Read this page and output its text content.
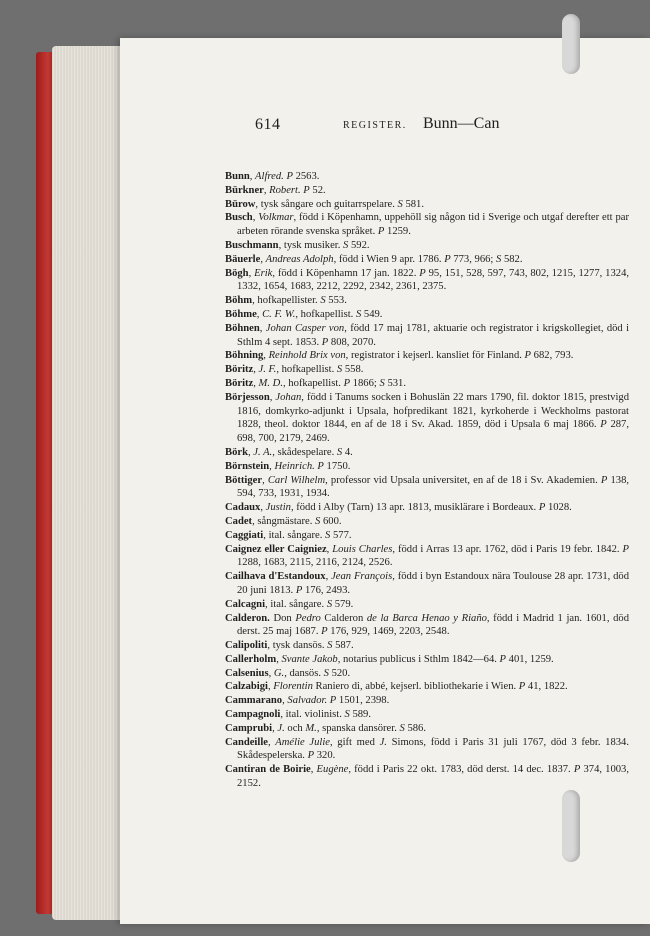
614	REGISTER. Bunn—Can

Bunn, Alfred. P 2563.

Bürkner, Robert. P 52.

Bürow, tysk sångare och guitarrspelare. S 581.

Busch, Volkmar, född i Köpenhamn, uppehöll sig någon tid i Sverige och utgaf derefter ett par arbeten rörande svenska språket. P 1259.

Buschmann, tysk musiker. S 592.

Bäuerle, Andreas Adolph, född i Wien 9 apr. 1786. P 773, 966; S 582.

Bögh, Erik, född i Köpenhamn 17 jan. 1822. P 95, 151, 528, 597, 743, 802, 1215, 1277, 1324, 1332, 1654, 1683, 2212, 2292, 2342, 2361, 2375.

Böhm, hofkapellister. S 553.

Böhme, C. F. W., hofkapellist. S 549.

Böhnen, Johan Casper von, född 17 maj 1781, aktuarie och registrator i krigskollegiet, död i Sthlm 4 sept. 1853. P 808, 2070.

Böhning, Reinhold Brix von, registrator i kejserl. kansliet för Finland. P 682, 793.

Böritz, J. F., hofkapellist. S 558.

Böritz, M. D., hofkapellist. P 1866; S 531.

Börjesson, Johan, född i Tanums socken i Bohuslän 22 mars 1790, fil. doktor 1815, prestvigd 1816, domkyrko-adjunkt i Upsala, hofpredikant 1821, kyrkoherde i Weckholms pastorat 1828, theol. doktor 1844, en af de 18 i Sv. Akad. 1859, död i Upsala 6 maj 1866. P 287, 698, 700, 2179, 2469.

Börk, J. A., skådespelare. S 4.

Börnstein, Heinrich. P 1750.

Böttiger, Carl Wilhelm, professor vid Upsala universitet, en af de 18 i Sv. Akademien. P 138, 594, 733, 1931, 1934.

Cadaux, Justin, född i Alby (Tarn) 13 apr. 1813, musiklärare i Bordeaux. P 1028.

Cadet, sångmästare. S 600.

Caggiati, ital. sångare. S 577.

Caignez eller Caigniez, Louis Charles, född i Arras 13 apr. 1762, död i Paris 19 febr. 1842. P 1288, 1683, 2115, 2116, 2124, 2526.

Cailhava d'Estandoux, Jean François, född i byn Estandoux nära Toulouse 28 apr. 1731, död 20 juni 1813. P 176, 2493.

Calcagni, ital. sångare. S 579.

Calderon. Don Pedro Calderon de la Barca Henao y Riaño, född i Madrid 1 jan. 1601, död derst. 25 maj 1687. P 176, 929, 1469, 2203, 2548.

Calipoliti, tysk dansös. S 587.

Callerholm, Svante Jakob, notarius publicus i Sthlm 1842—64. P 401, 1259.

Calsenius, G., dansös. S 520.

Calzabigi, Florentin Raniero di, abbé, kejserl. bibliothekarie i Wien. P 41, 1822.

Cammarano, Salvador. P 1501, 2398.

Campagnoli, ital. violinist. S 589.

Camprubi, J. och M., spanska dansörer. S 586.

Candeille, Amélie Julie, gift med J. Simons, född i Paris 31 juli 1767, död 3 febr. 1834. Skådespelerska. P 320.

Cantiran de Boirie, Eugène, född i Paris 22 okt. 1783, död derst. 14 dec. 1837. P 374, 1003, 2152.
